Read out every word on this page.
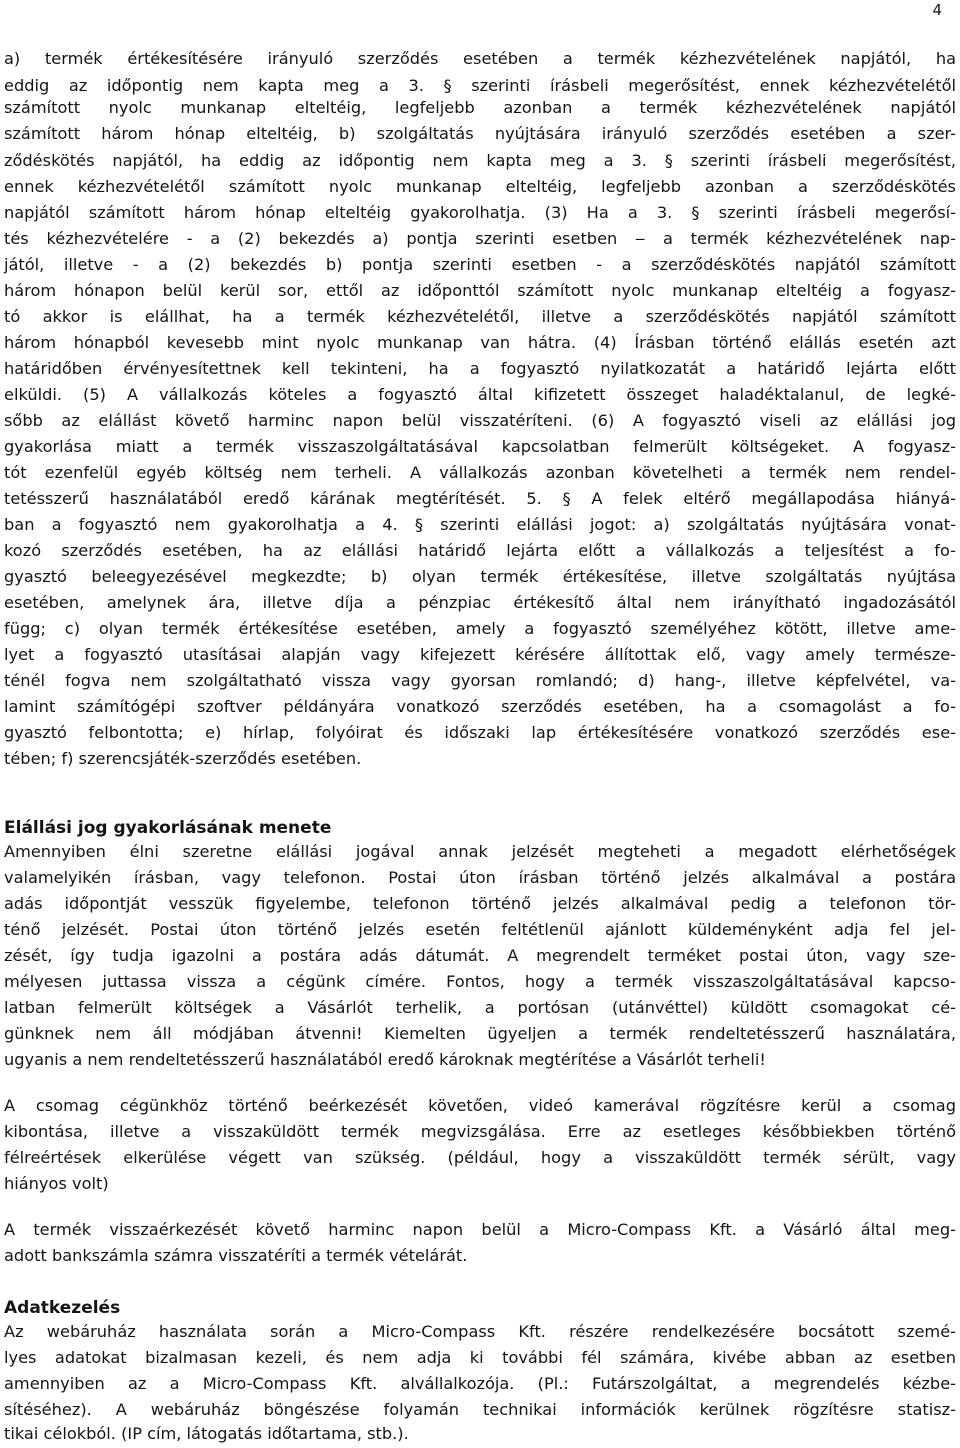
4
a) termék értékesítésére irányuló szerződés esetében a termék kézhezvételének napjától, ha
eddig az időpontig nem kapta meg a 3. § szerinti írásbeli megerősítést, ennek kézhezvételétől
számított nyolc munkanap elteltéig, legfeljebb azonban a termék kézhezvételének napjától
számított három hónap elteltéig, b) szolgáltatás nyújtására irányuló szerződés esetében a szer-
ződéskötés napjától, ha eddig az időpontig nem kapta meg a 3. § szerinti írásbeli megerősítést,
ennek kézhezvételétől számított nyolc munkanap elteltéig, legfeljebb azonban a szerződéskötés
napjától számított három hónap elteltéig gyakorolhatja. (3) Ha a 3. § szerinti írásbeli megerősí-
tés kézhezvételére - a (2) bekezdés a) pontja szerinti esetben ‒ a termék kézhezvételének nap-
jától, illetve - a (2) bekezdés b) pontja szerinti esetben - a szerződéskötés napjától számított
három hónapon belül kerül sor, ettől az időponttól számított nyolc munkanap elteltéig a fogyasz-
tó akkor is elállhat, ha a termék kézhezvételétől, illetve a szerződéskötés napjától számított
három hónapból kevesebb mint nyolc munkanap van hátra. (4) Írásban történő elállás esetén azt
határidőben érvényesítettnek kell tekinteni, ha a fogyasztó nyilatkozatát a határidő lejárta előtt
elküldi. (5) A vállalkozás köteles a fogyasztó által kifizetett összeget haladéktalanul, de legké-
sőbb az elállást követő harminc napon belül visszatéríteni. (6) A fogyasztó viseli az elállási jog
gyakorlása miatt a termék visszaszolgáltatásával kapcsolatban felmerült költségeket. A fogyasz-
tót ezenfelül egyéb költség nem terheli. A vállalkozás azonban követelheti a termék nem rendel-
tetésszerű használatából eredő kárának megtérítését. 5. § A felek eltérő megállapodása hiányá-
ban a fogyasztó nem gyakorolhatja a 4. § szerinti elállási jogot: a) szolgáltatás nyújtására vonat-
kozó szerződés esetében, ha az elállási határidő lejárta előtt a vállalkozás a teljesítést a fo-
gyasztó beleegyezésével megkezdte; b) olyan termék értékesítése, illetve szolgáltatás nyújtása
esetében, amelynek ára, illetve díja a pénzpiac értékesítő által nem irányítható ingadozásától
függ; c) olyan termék értékesítése esetében, amely a fogyasztó személyéhez kötött, illetve ame-
lyet a fogyasztó utasításai alapján vagy kifejezett kérésére állítottak elő, vagy amely természe-
ténél fogva nem szolgáltatható vissza vagy gyorsan romlandó; d) hang-, illetve képfelvétel, va-
lamint számítógépi szoftver példányára vonatkozó szerződés esetében, ha a csomagolást a fo-
gyasztó felbontotta; e) hírlap, folyóirat és időszaki lap értékesítésére vonatkozó szerződés ese-
tében; f) szerencsjáték-szerződés esetében.
Elállási jog gyakorlásának menete
Amennyiben élni szeretne elállási jogával annak jelzését megteheti a megadott elérhetőségek
valamelyikén írásban, vagy telefonon. Postai úton írásban történő jelzés alkalmával a postára
adás időpontját vesszük figyelembe, telefonon történő jelzés alkalmával pedig a telefonon tör-
ténő jelzését. Postai úton történő jelzés esetén feltétlenül ajánlott küldeményként adja fel jel-
zését, így tudja igazolni a postára adás dátumát. A megrendelt terméket postai úton, vagy sze-
mélyesen juttassa vissza a cégünk címére. Fontos, hogy a termék visszaszolgáltatásával kapcso-
latban felmerült költségek a Vásárlót terhelik, a portósan (utánvéttel) küldött csomagokat cé-
günknek nem áll módjában átvenni! Kiemelten ügyeljen a termék rendeltetésszerű használatára,
ugyanis a nem rendeltetésszerű használatából eredő károknak megtérítése a Vásárlót terheli!
A csomag cégünkhöz történő beérkezését követően, videó kamerával rögzítésre kerül a csomag
kibontása, illetve a visszaküldött termék megvizsgálása. Erre az esetleges későbbiekben történő
félreértések elkerülése végett van szükség. (például, hogy a visszaküldött termék sérült, vagy
hiányos volt)
A termék visszaérkezését követő harminc napon belül a Micro-Compass Kft. a Vásárló által meg-
adott bankszámla számra visszatéríti a termék vételárát.
Adatkezelés
Az webáruház használata során a Micro-Compass Kft. részére rendelkezésére bocsátott szemé-
lyes adatokat bizalmasan kezeli, és nem adja ki további fél számára, kivébe abban az esetben
amennyiben az a Micro-Compass Kft. alvállalkozója. (Pl.: Futárszolgáltat, a megrendelés kézbe-
sítéséhez). A webáruház böngészése folyamán technikai információk kerülnek rögzítésre statisz-
tikai célokból. (IP cím, látogatás időtartama, stb.).
